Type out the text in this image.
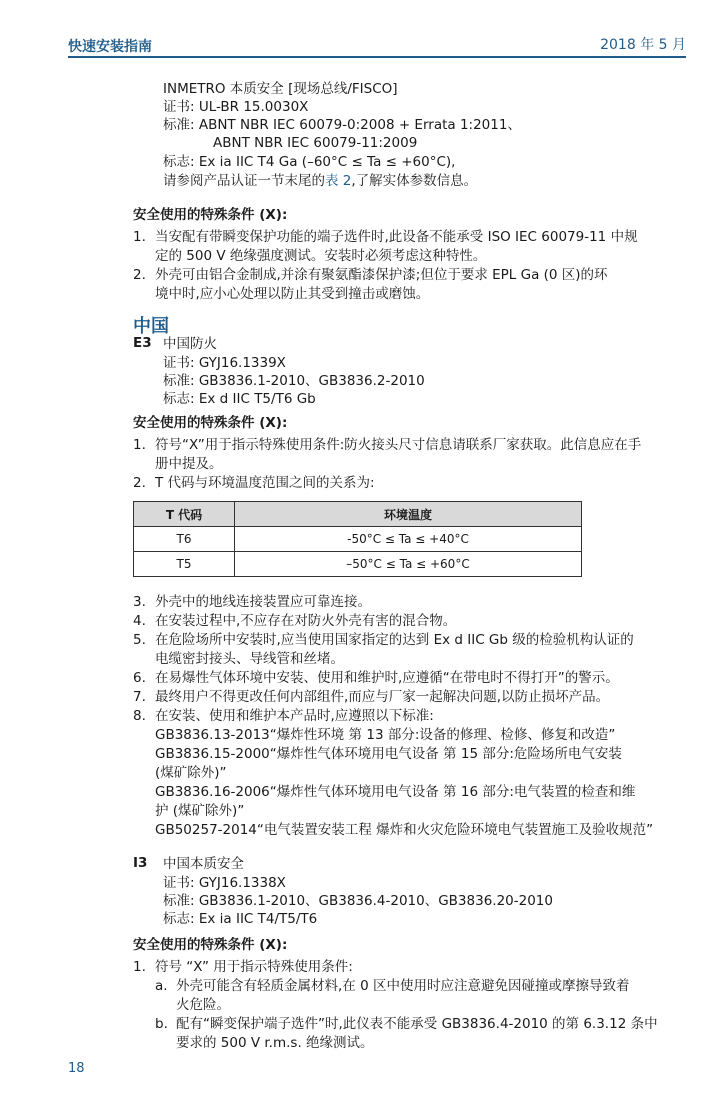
快速安装指南	2018 年 5 月
INMETRO 本质安全 [现场总线/FISCO]
证书: UL-BR 15.0030X
标准: ABNT NBR IEC 60079-0:2008 + Errata 1:2011、
ABNT NBR IEC 60079-11:2009
标志: Ex ia IIC T4 Ga (–60°C ≤ Ta ≤ +60°C),
请参阅产品认证一节末尾的表 2,了解实体参数信息。
安全使用的特殊条件 (X):
1. 当安配有带瞬变保护功能的端子选件时,此设备不能承受 ISO IEC 60079-11 中规
定的 500 V 绝缘强度测试。安装时必须考虑这种特性。
2. 外壳可由铝合金制成,并涂有聚氨酯漆保护漆;但位于要求 EPL Ga (0 区)的环
境中时,应小心处理以防止其受到撞击或磨蚀。
中国
E3 中国防火
证书: GYJ16.1339X
标准: GB3836.1-2010、GB3836.2-2010
标志: Ex d IIC T5/T6 Gb
安全使用的特殊条件 (X):
1. 符号“X”用于指示特殊使用条件:防火接头尺寸信息请联系厂家获取。此信息应在手
册中提及。
2. T 代码与环境温度范围之间的关系为:
T 代码	环境温度
T6	-50°C ≤ Ta ≤ +40°C
T5	–50°C ≤ Ta ≤ +60°C
3. 外壳中的地线连接装置应可靠连接。
4. 在安装过程中,不应存在对防火外壳有害的混合物。
5. 在危险场所中安装时,应当使用国家指定的达到 Ex d IIC Gb 级的检验机构认证的
电缆密封接头、导线管和丝堵。
6. 在易爆性气体环境中安装、使用和维护时,应遵循“在带电时不得打开”的警示。
7. 最终用户不得更改任何内部组件,而应与厂家一起解决问题,以防止损坏产品。
8. 在安装、使用和维护本产品时,应遵照以下标准:
GB3836.13-2013“爆炸性环境 第 13 部分:设备的修理、检修、修复和改造”
GB3836.15-2000“爆炸性气体环境用电气设备 第 15 部分:危险场所电气安装
(煤矿除外)”
GB3836.16-2006“爆炸性气体环境用电气设备 第 16 部分:电气装置的检查和维
护 (煤矿除外)”
GB50257-2014“电气装置安装工程 爆炸和火灾危险环境电气装置施工及验收规范”
I3 中国本质安全
证书: GYJ16.1338X
标准: GB3836.1-2010、GB3836.4-2010、GB3836.20-2010
标志: Ex ia IIC T4/T5/T6
安全使用的特殊条件 (X):
1. 符号 “X” 用于指示特殊使用条件:
a. 外壳可能含有轻质金属材料,在 0 区中使用时应注意避免因碰撞或摩擦导致着
火危险。
b. 配有“瞬变保护端子选件”时,此仪表不能承受 GB3836.4-2010 的第 6.3.12 条中
要求的 500 V r.m.s. 绝缘测试。
18
